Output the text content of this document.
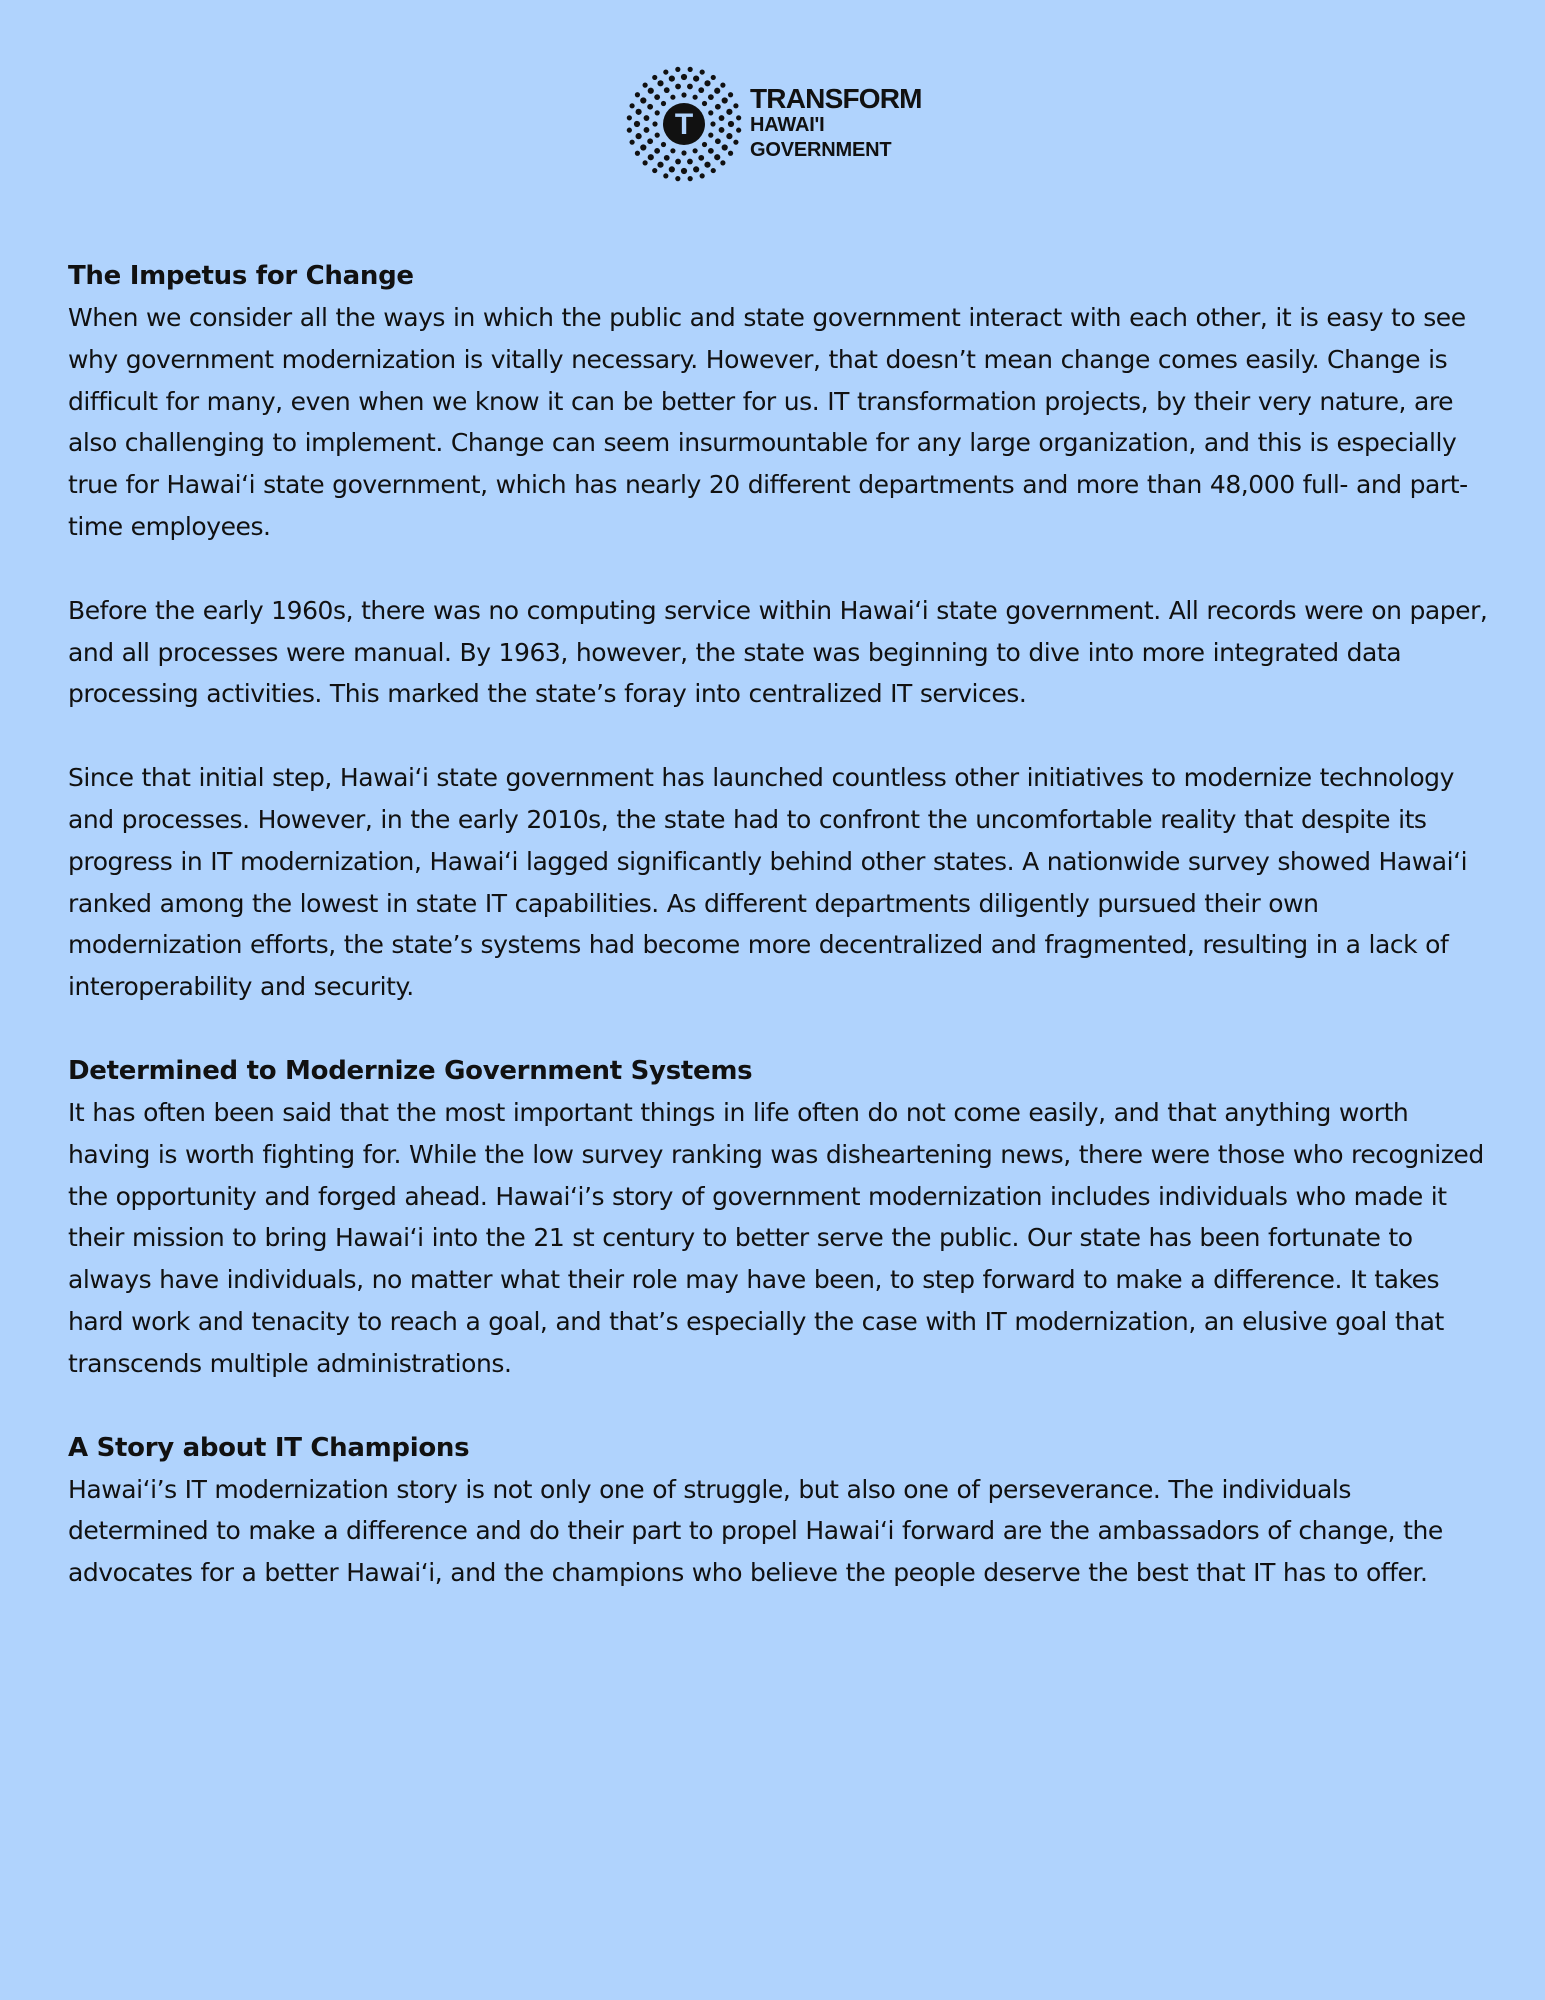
T
TRANSFORM
HAWAI'I
GOVERNMENT
The Impetus for Change

When we consider all the ways in which the public and state government interact with each other, it is easy to see why government modernization is vitally necessary. However, that doesn’t mean change comes easily. Change is difficult for many, even when we know it can be better for us. IT transformation projects, by their very nature, are also challenging to implement. Change can seem insurmountable for any large organization, and this is especially true for Hawaiʻi state government, which has nearly 20 different departments and more than 48,000 full- and part-time employees.

Before the early 1960s, there was no computing service within Hawaiʻi state government. All records were on paper, and all processes were manual. By 1963, however, the state was beginning to dive into more integrated data processing activities. This marked the state’s foray into centralized IT services.

Since that initial step, Hawaiʻi state government has launched countless other initiatives to modernize technology and processes. However, in the early 2010s, the state had to confront the uncomfortable reality that despite its progress in IT modernization, Hawaiʻi lagged significantly behind other states. A nationwide survey showed Hawaiʻi ranked among the lowest in state IT capabilities. As different departments diligently pursued their own modernization efforts, the state’s systems had become more decentralized and fragmented, resulting in a lack of interoperability and security.

Determined to Modernize Government Systems

It has often been said that the most important things in life often do not come easily, and that anything worth having is worth fighting for. While the low survey ranking was disheartening news, there were those who recognized the opportunity and forged ahead. Hawaiʻi’s story of government modernization includes individuals who made it their mission to bring Hawaiʻi into the 21 st century to better serve the public. Our state has been fortunate to always have individuals, no matter what their role may have been, to step forward to make a difference. It takes hard work and tenacity to reach a goal, and that’s especially the case with IT modernization, an elusive goal that transcends multiple administrations.

A Story about IT Champions

Hawaiʻi’s IT modernization story is not only one of struggle, but also one of perseverance. The individuals determined to make a difference and do their part to propel Hawaiʻi forward are the ambassadors of change, the advocates for a better Hawaiʻi, and the champions who believe the people deserve the best that IT has to offer.
